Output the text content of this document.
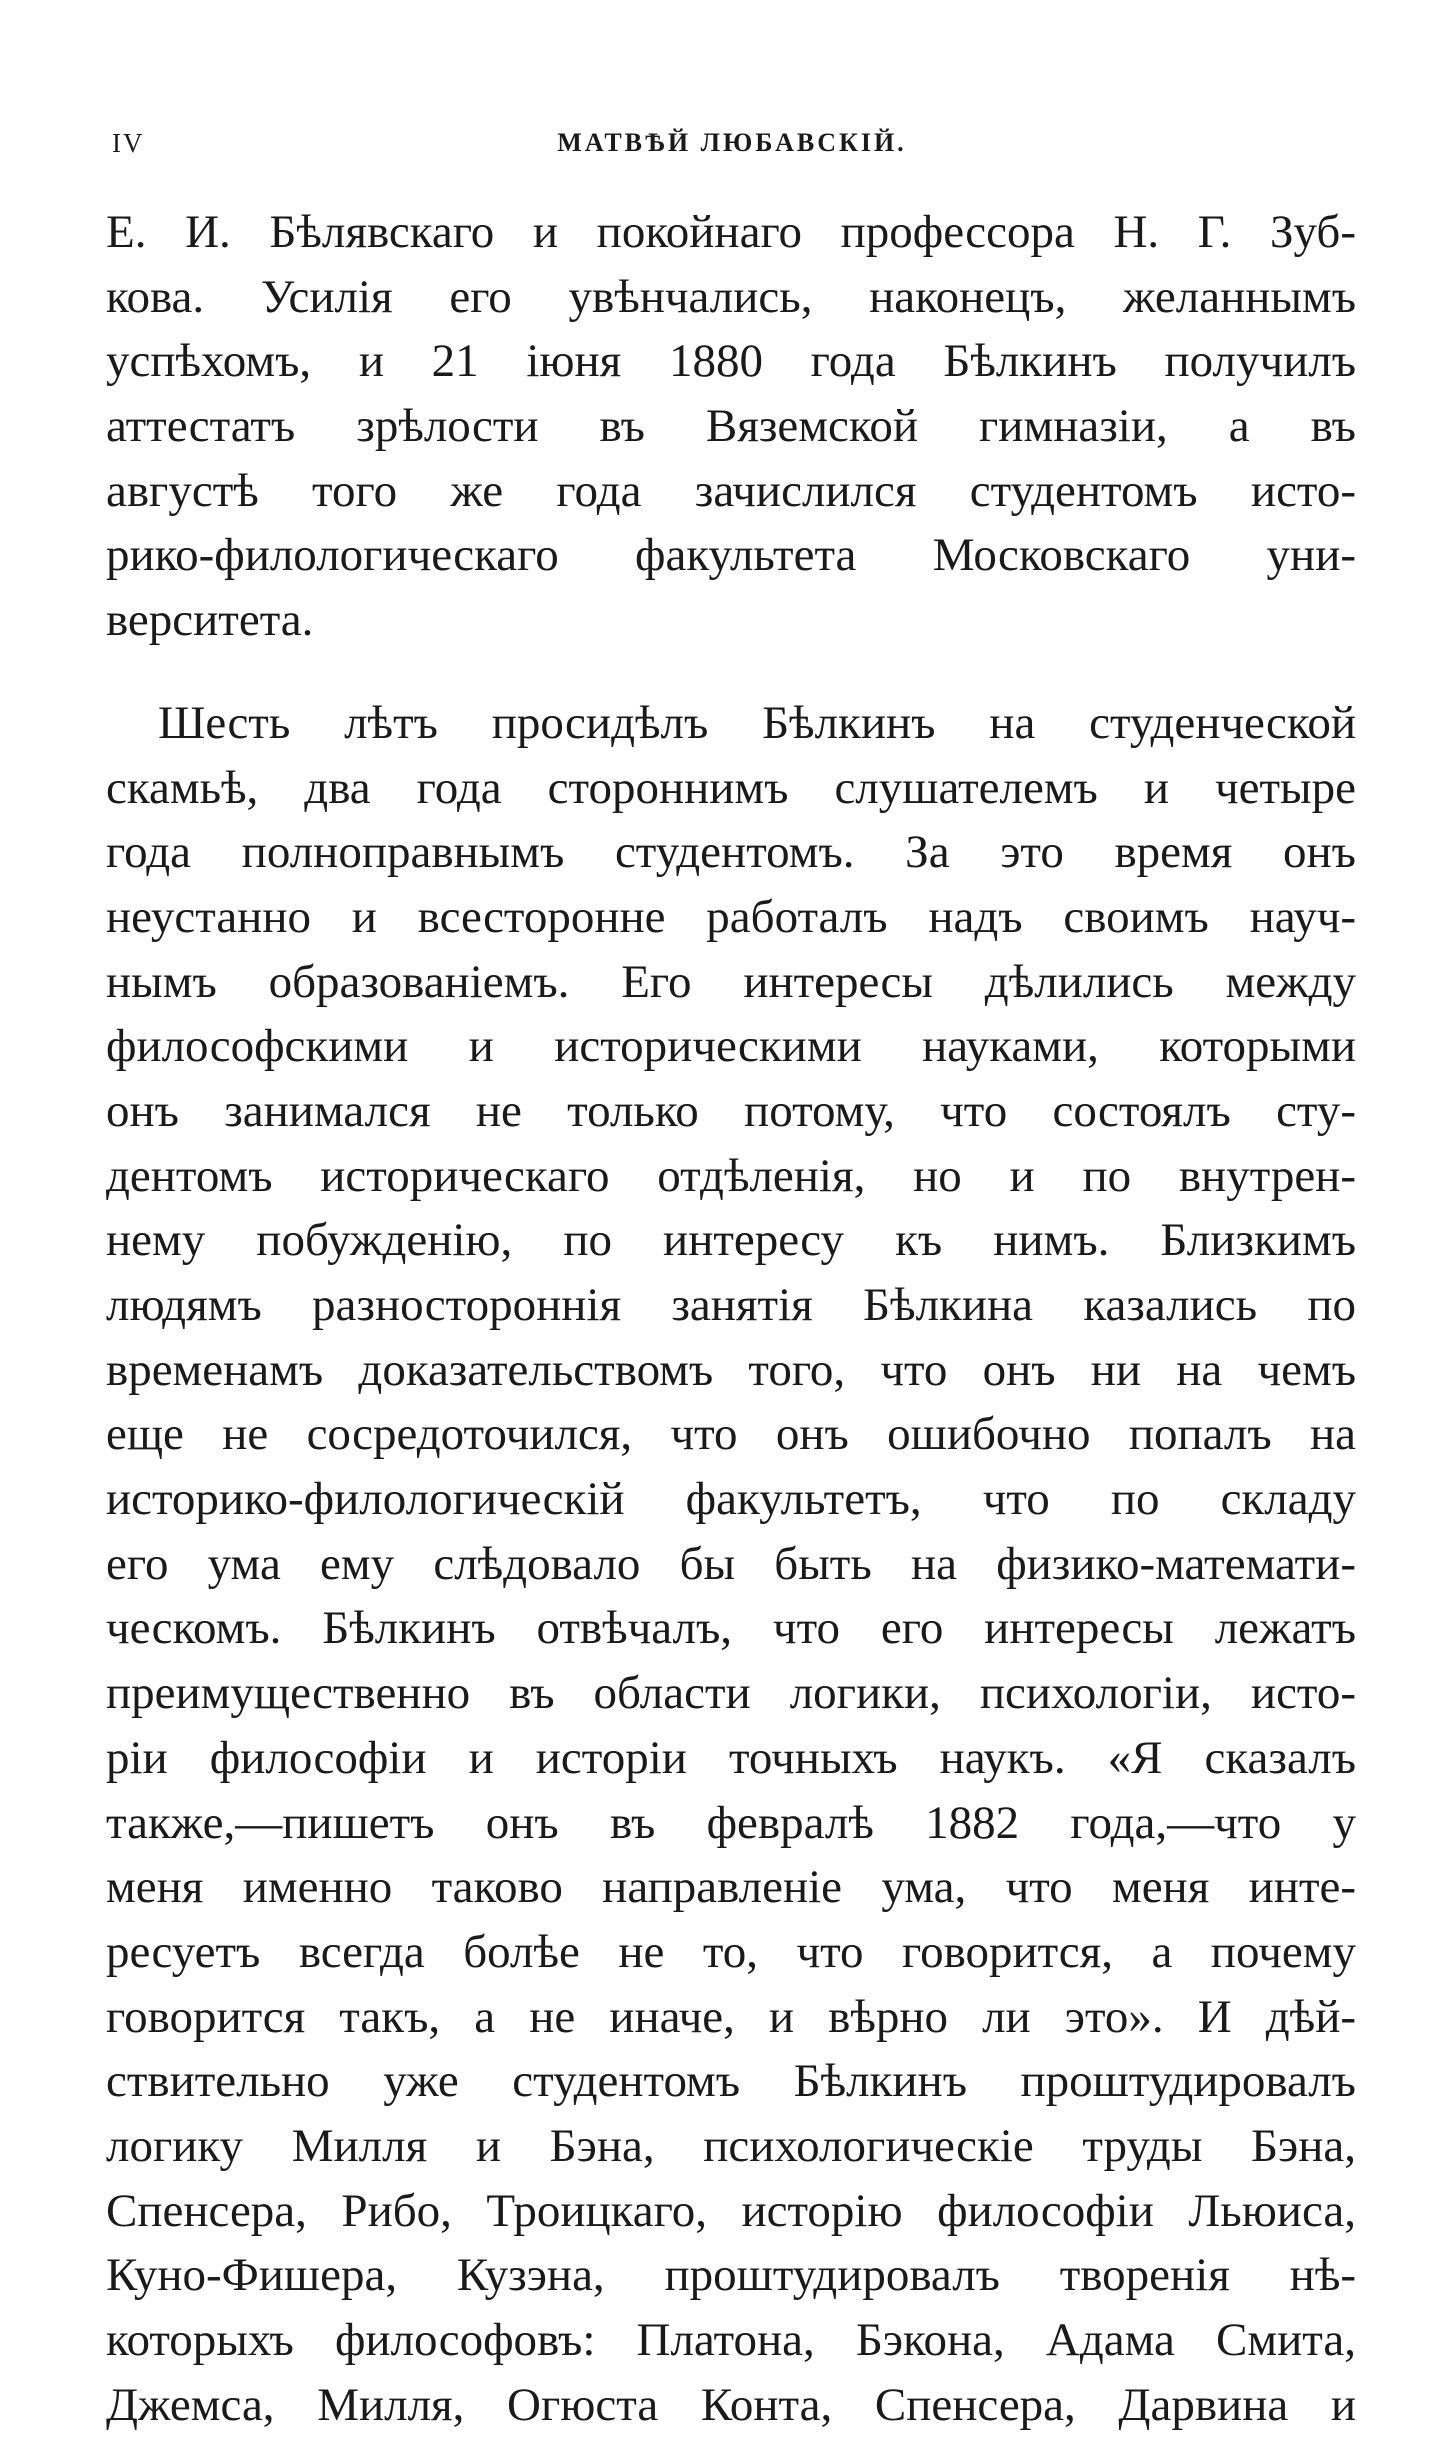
IV	МАТВѢЙ ЛЮБАВСКІЙ.
Е. И. Бѣлявскаго и покойнаго профессора Н. Г. Зуб-
кова. Усилія его увѣнчались, наконецъ, желаннымъ
успѣхомъ, и 21 іюня 1880 года Бѣлкинъ получилъ
аттестатъ зрѣлости въ Вяземской гимназіи, а въ
августѣ того же года зачислился студентомъ исто-
рико-филологическаго факультета Московскаго уни-
верситета.
Шесть лѣтъ просидѣлъ Бѣлкинъ на студенческой
скамьѣ, два года стороннимъ слушателемъ и четыре
года полноправнымъ студентомъ. За это время онъ
неустанно и всесторонне работалъ надъ своимъ науч-
нымъ образованіемъ. Его интересы дѣлились между
философскими и историческими науками, которыми
онъ занимался не только потому, что состоялъ сту-
дентомъ историческаго отдѣленія, но и по внутрен-
нему побужденію, по интересу къ нимъ. Близкимъ
людямъ разностороннія занятія Бѣлкина казались по
временамъ доказательствомъ того, что онъ ни на чемъ
еще не сосредоточился, что онъ ошибочно попалъ на
историко-филологическій факультетъ, что по складу
его ума ему слѣдовало бы быть на физико-математи-
ческомъ. Бѣлкинъ отвѣчалъ, что его интересы лежатъ
преимущественно въ области логики, психологіи, исто-
ріи философіи и исторіи точныхъ наукъ. «Я сказалъ
также,—пишетъ онъ въ февралѣ 1882 года,—что у
меня именно таково направленіе ума, что меня инте-
ресуетъ всегда болѣе не то, что говорится, а почему
говорится такъ, а не иначе, и вѣрно ли это». И дѣй-
ствительно уже студентомъ Бѣлкинъ проштудировалъ
логику Милля и Бэна, психологическіе труды Бэна,
Спенсера, Рибо, Троицкаго, исторію философіи Льюиса,
Куно-Фишера, Кузэна, проштудировалъ творенія нѣ-
которыхъ философовъ: Платона, Бэкона, Адама Смита,
Джемса, Милля, Огюста Конта, Спенсера, Дарвина и
